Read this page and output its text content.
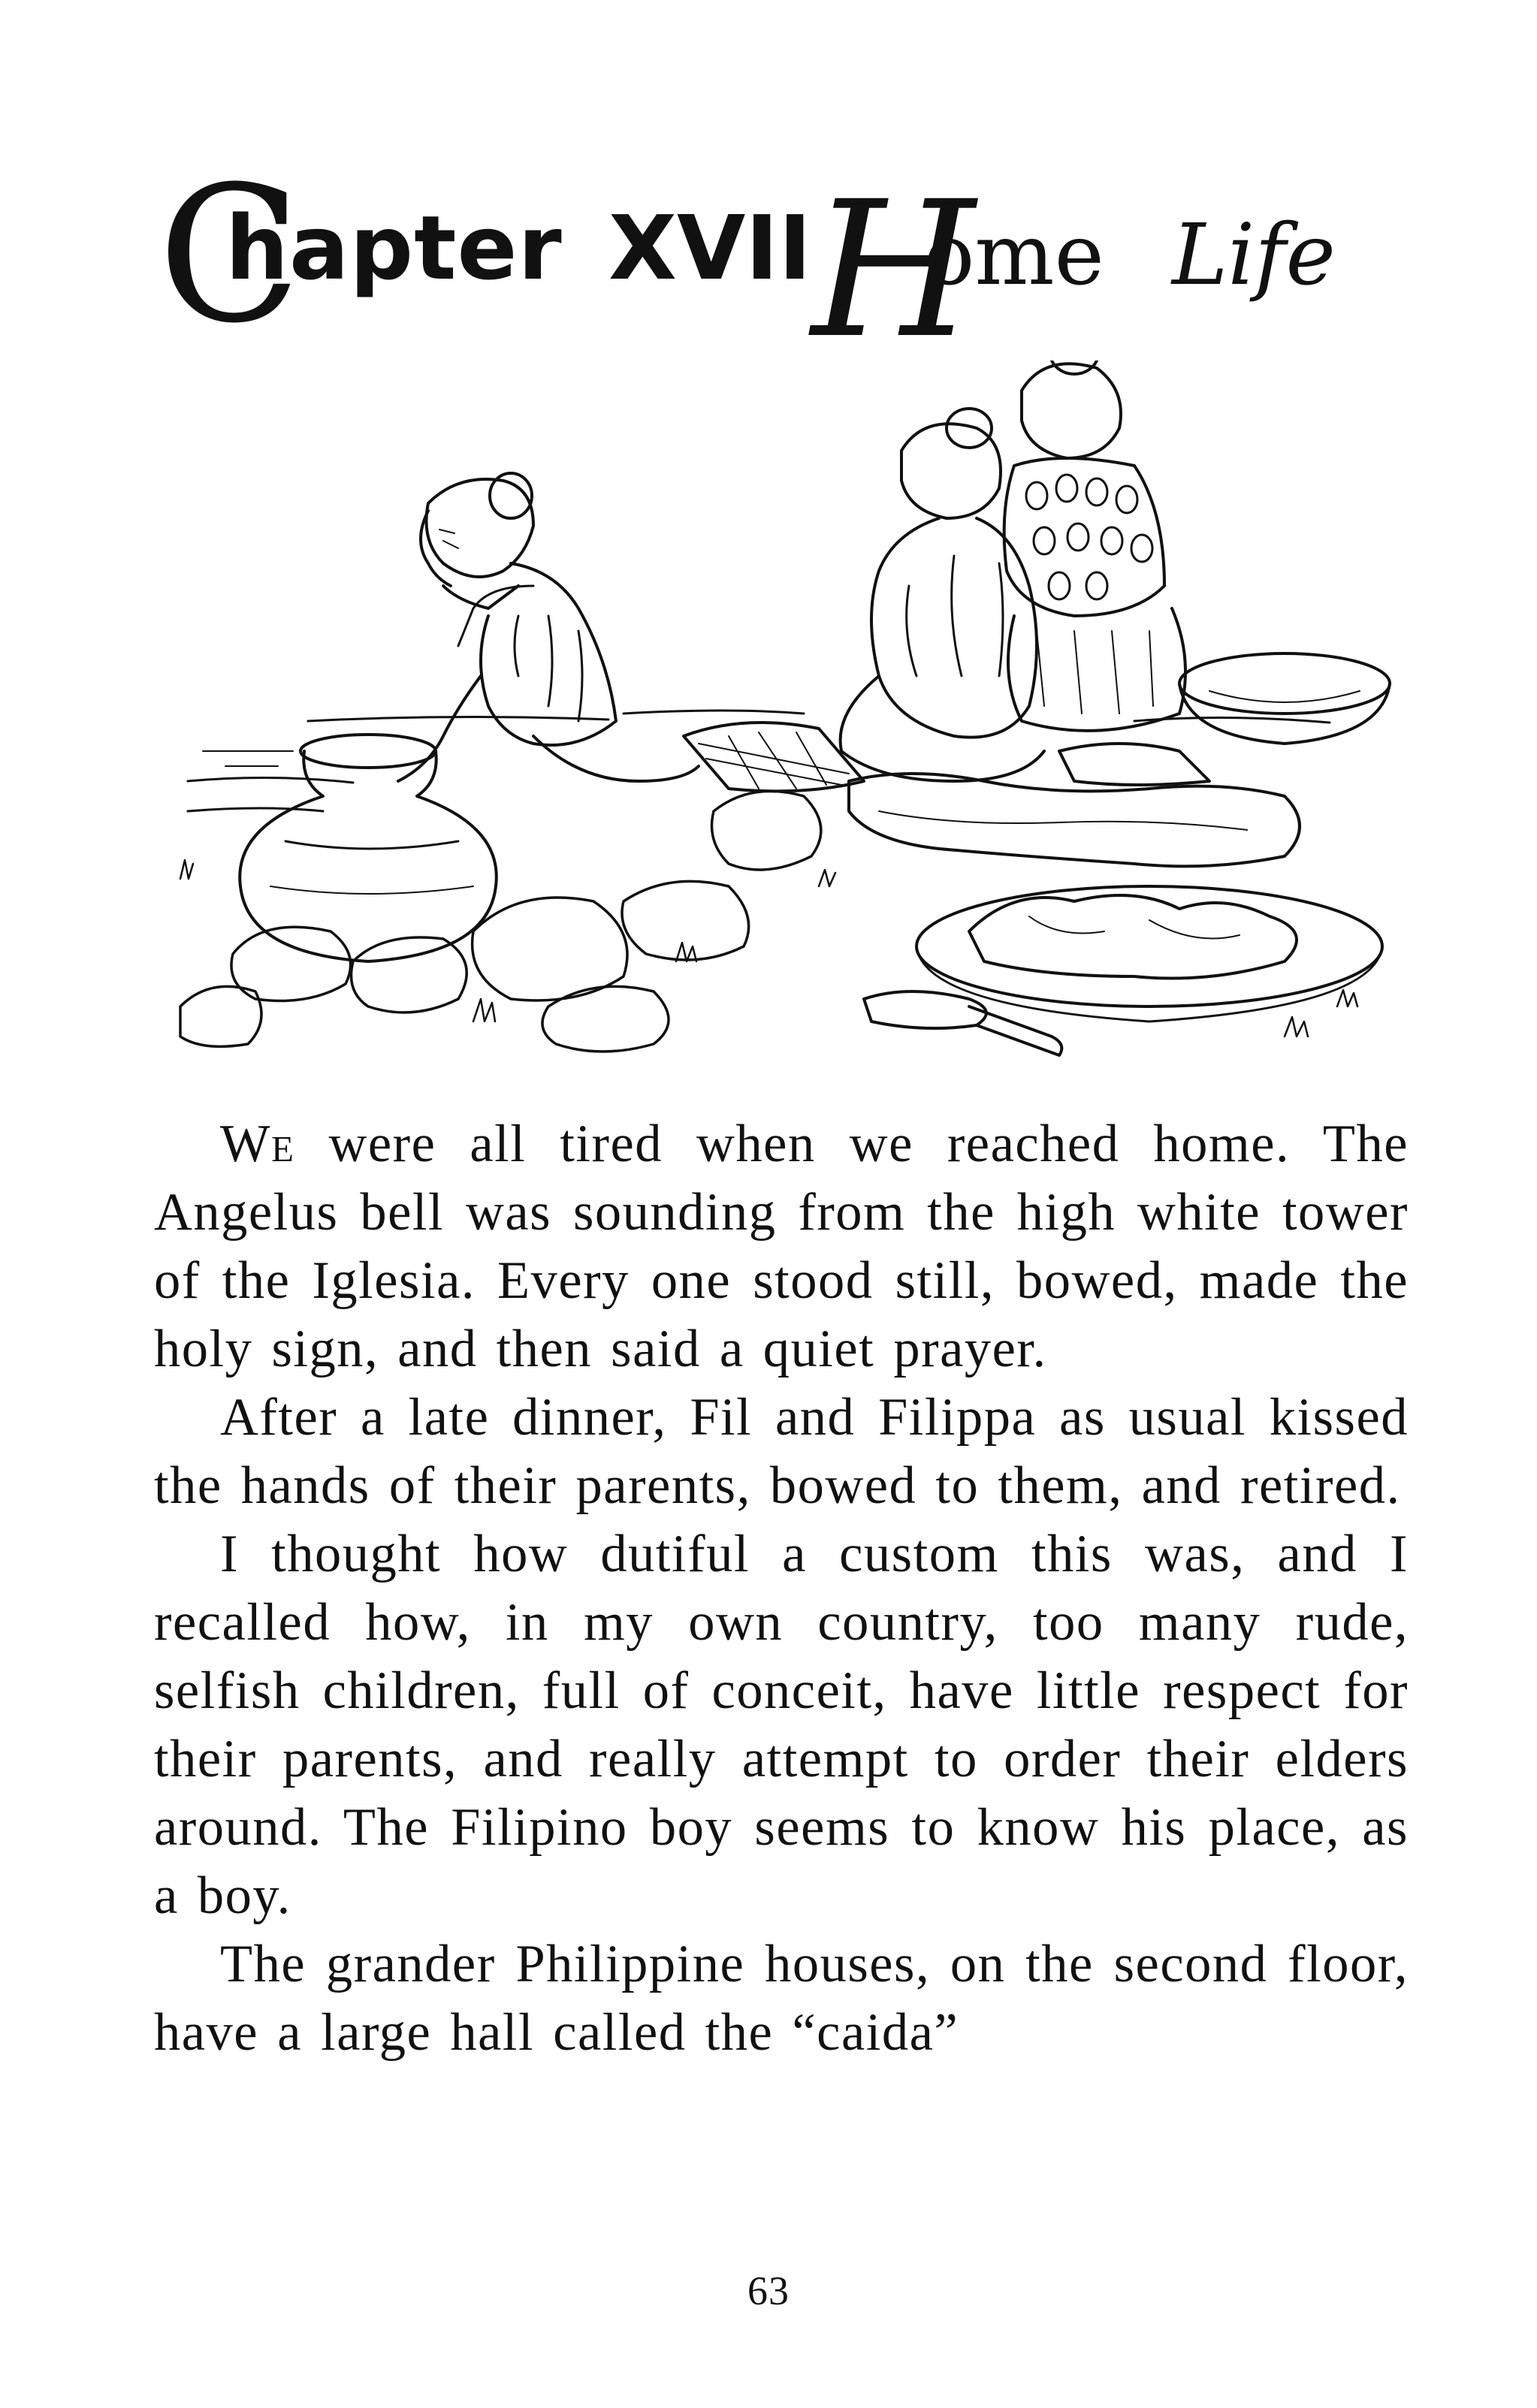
C
hapter XVII H
ome Life

We were all tired when we reached home. The Angelus bell was sounding from the high white tower of the Iglesia. Every one stood still, bowed, made the holy sign, and then said a quiet prayer.

After a late dinner, Fil and Filippa as usual kissed the hands of their parents, bowed to them, and retired.

I thought how dutiful a custom this was, and I recalled how, in my own country, too many rude, selfish children, full of conceit, have little respect for their parents, and really attempt to order their elders around. The Filipino boy seems to know his place, as a boy.

The grander Philippine houses, on the second floor, have a large hall called the “caida”

63
